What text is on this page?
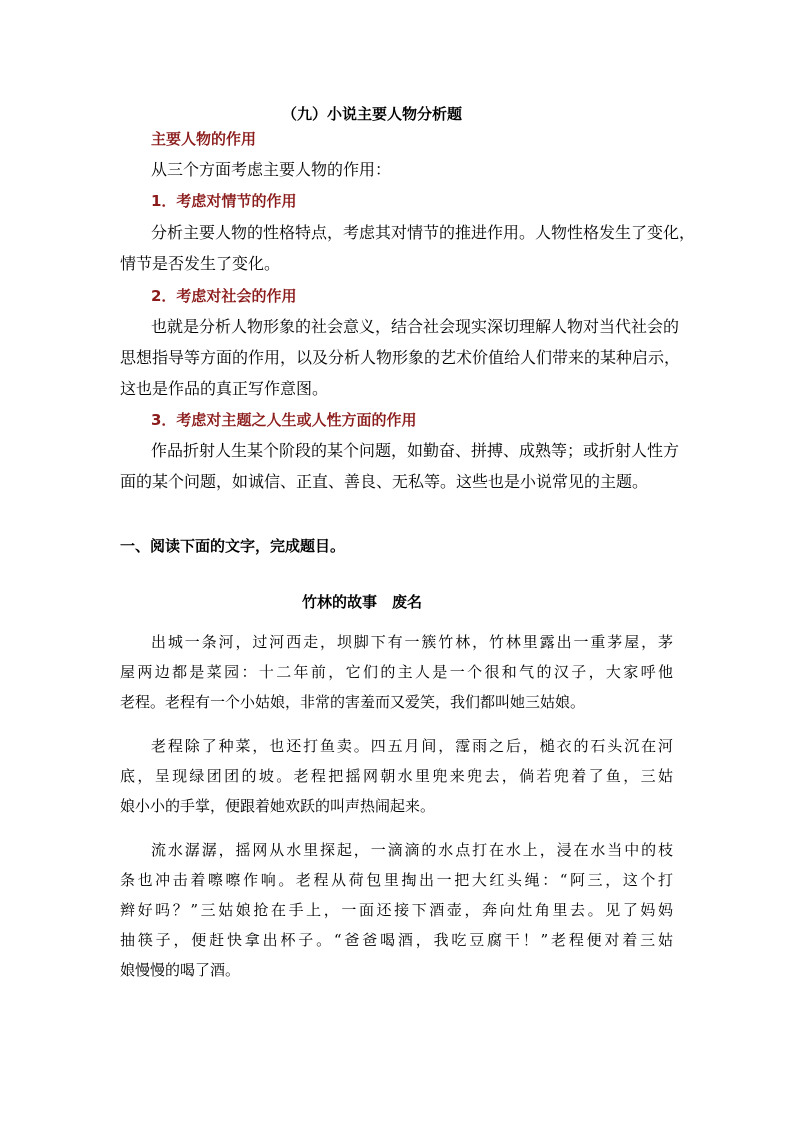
（九）小说主要人物分析题
主要人物的作用
从三个方面考虑主要人物的作用：
1．考虑对情节的作用
分析主要人物的性格特点，考虑其对情节的推进作用。人物性格发生了变化，
情节是否发生了变化。
2．考虑对社会的作用
也就是分析人物形象的社会意义，结合社会现实深切理解人物对当代社会的
思想指导等方面的作用，以及分析人物形象的艺术价值给人们带来的某种启示，
这也是作品的真正写作意图。
3．考虑对主题之人生或人性方面的作用
作品折射人生某个阶段的某个问题，如勤奋、拼搏、成熟等；或折射人性方
面的某个问题，如诚信、正直、善良、无私等。这些也是小说常见的主题。
一、阅读下面的文字，完成题目。
竹林的故事　废名
出城一条河，过河西走，坝脚下有一簇竹林，竹林里露出一重茅屋，茅
屋两边都是菜园：十二年前，它们的主人是一个很和气的汉子，大家呼他
老程。老程有一个小姑娘，非常的害羞而又爱笑，我们都叫她三姑娘。
老程除了种菜，也还打鱼卖。四五月间，霪雨之后，槌衣的石头沉在河
底，呈现绿团团的坡。老程把摇网朝水里兜来兜去，倘若兜着了鱼，三姑
娘小小的手掌，便跟着她欢跃的叫声热闹起来。
流水潺潺，摇网从水里探起，一滴滴的水点打在水上，浸在水当中的枝
条也冲击着嚓嚓作响。老程从荷包里掏出一把大红头绳：“阿三，这个打
辫好吗？”三姑娘抢在手上，一面还接下酒壶，奔向灶角里去。见了妈妈
抽筷子，便赶快拿出杯子。“爸爸喝酒，我吃豆腐干！”老程便对着三姑
娘慢慢的喝了酒。
